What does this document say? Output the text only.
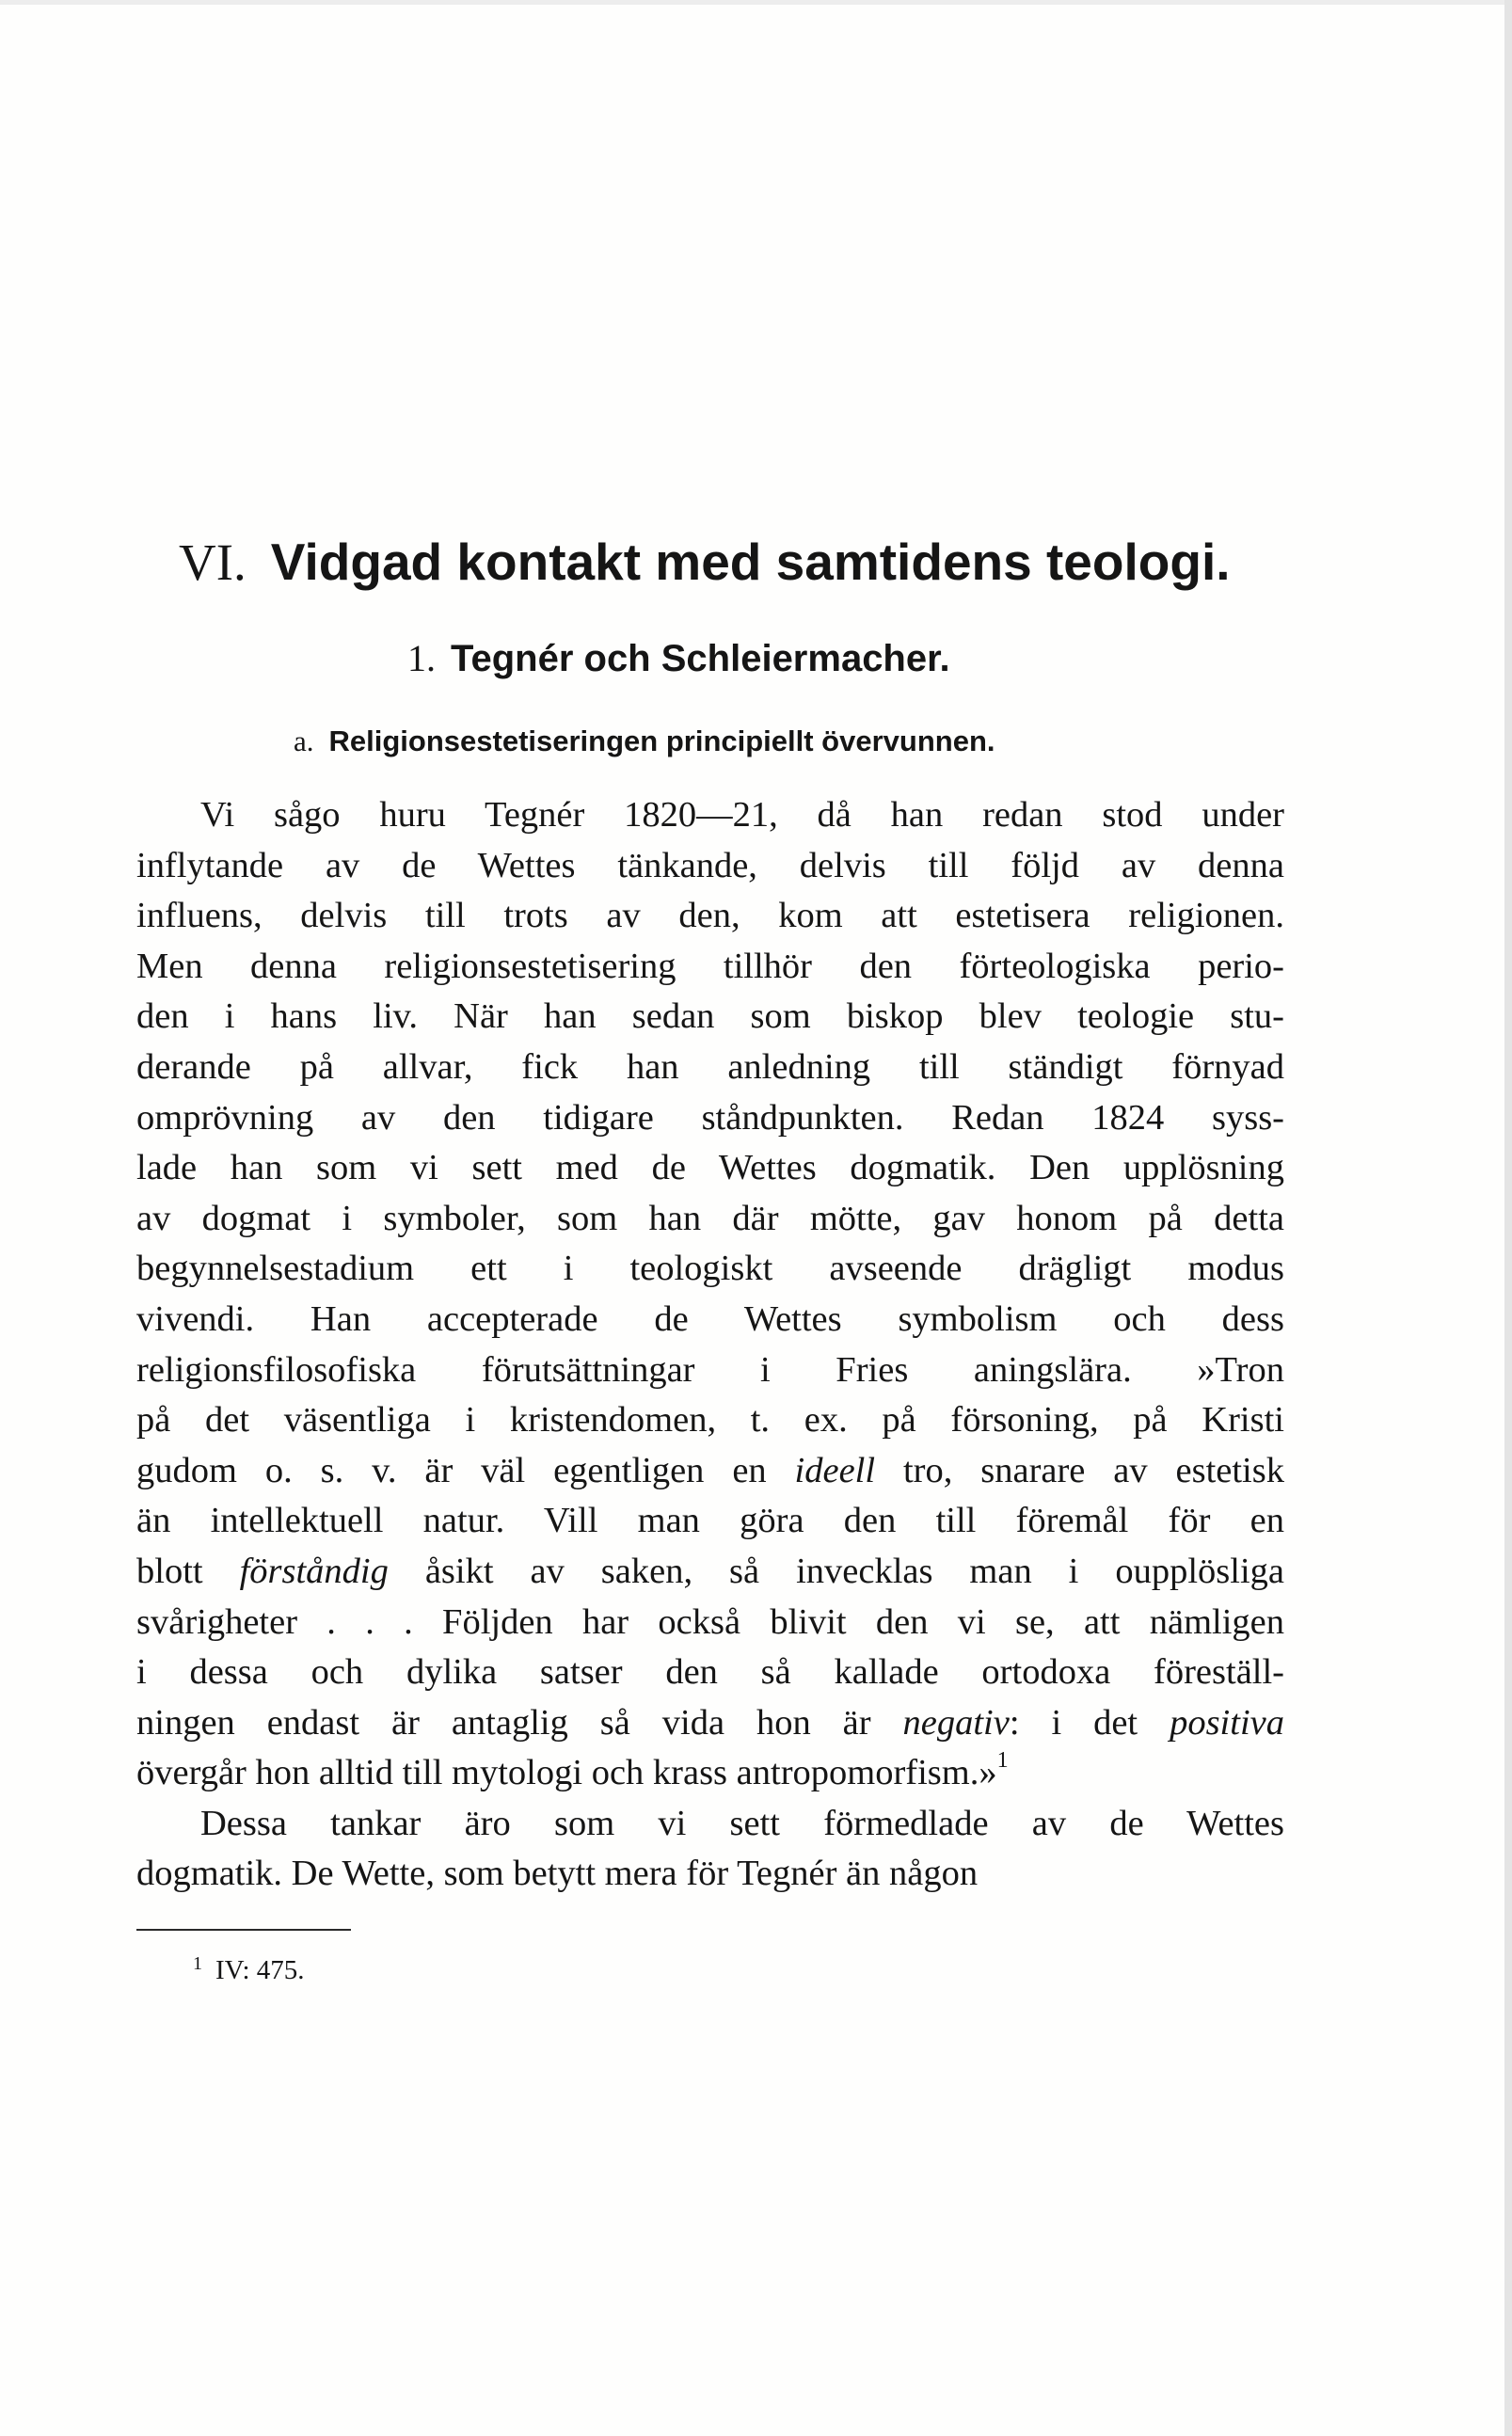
VI. Vidgad kontakt med samtidens teologi.
1. Tegnér och Schleiermacher.
a. Religionsestetiseringen principiellt övervunnen.
Vi sågo huru Tegnér 1820—21, då han redan stod under
inflytande av de Wettes tänkande, delvis till följd av denna
influens, delvis till trots av den, kom att estetisera religionen.
Men denna religionsestetisering tillhör den förteologiska perio-
den i hans liv. När han sedan som biskop blev teologie stu-
derande på allvar, fick han anledning till ständigt förnyad
omprövning av den tidigare ståndpunkten. Redan 1824 syss-
lade han som vi sett med de Wettes dogmatik. Den upplösning
av dogmat i symboler, som han där mötte, gav honom på detta
begynnelsestadium ett i teologiskt avseende drägligt modus
vivendi. Han accepterade de Wettes symbolism och dess
religionsfilosofiska förutsättningar i Fries aningslära. »Tron
på det väsentliga i kristendomen, t. ex. på försoning, på Kristi
gudom o. s. v. är väl egentligen en ideell tro, snarare av estetisk
än intellektuell natur. Vill man göra den till föremål för en
blott förståndig åsikt av saken, så invecklas man i oupplösliga
svårigheter . . . Följden har också blivit den vi se, att nämligen
i dessa och dylika satser den så kallade ortodoxa föreställ-
ningen endast är antaglig så vida hon är negativ: i det positiva
övergår hon alltid till mytologi och krass antropomorfism.»$^1$
Dessa tankar äro som vi sett förmedlade av de Wettes
dogmatik. De Wette, som betytt mera för Tegnér än någon
$^1$ IV: 475.
